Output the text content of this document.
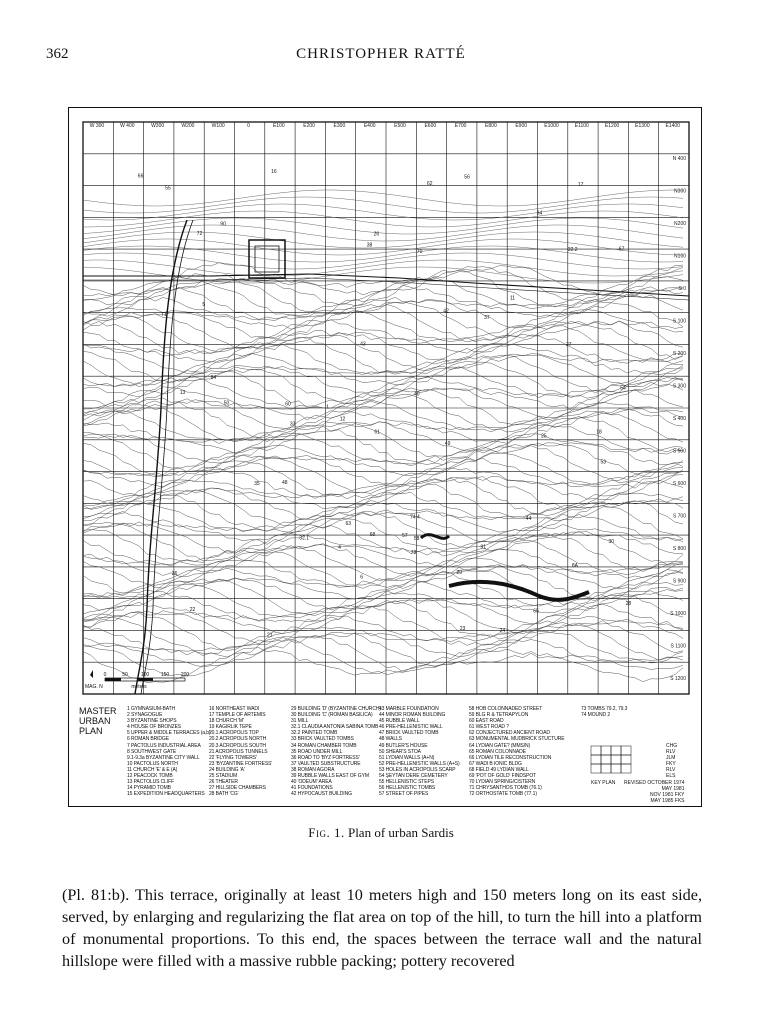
362	CHRISTOPHER RATTÉ
W 300	W 400	W300	W200	W100	0	E100	E200	E300	E400	E500	E600	E700	E800	E900	E1000	E1100	E1200	E1300	E1400
N 400
N300
N200
N100
S 0
S 100
S 200
S 300
S 400
S 500
S 600
S 700
S 800
S 900
S 1000
S 1100
S 1200
8A
30
74.4
62
91
37
24
28
90
29
64
60
56
57
63
22
38
32.2
32.1
16
67
23
48
55
4
27
26
53
33
73
58
54
42
49
50
66
43
21
71
1
70
13
11
12
6
17
5
68
72
36
61
65
40
25
35
18
34
44
MAG. N
0	50	100 150 200
meters
MASTER
URBAN
PLAN
1 GYMNASIUM-BATH
2 SYNAGOGUE
3 BYZANTINE SHOPS
4 HOUSE OF BRONZES
5 UPPER & MIDDLE TERRACES (a,b)
6 ROMAN BRIDGE
7 PACTOLUS INDUSTRIAL AREA
8 SOUTHWEST GATE
9.1-9.3a BYZANTINE CITY WALL
10 PACTOLUS NORTH
11 CHURCH 'E' & E (A)
12 PEACOCK TOMB
13 PACTOLUS CLIFF
14 PYRAMID TOMB
15 EXPEDITION HEADQUARTERS
16 NORTHEAST WADI
17 TEMPLE OF ARTEMIS
18 CHURCH 'M'
19 KAGIRLIK TEPE
20.1 ACROPOLIS TOP
20.2 ACROPOLIS NORTH
20.3 ACROPOLIS SOUTH
21 ACROPOLIS TUNNELS
22 'FLYING TOWERS'
23 'BYZANTINE FORTRESS'
24 BUILDING 'A'
25 STADIUM
26 THEATER
27 HILLSIDE CHAMBERS
28 BATH 'CG'
29 BUILDING 'D' (BYZANTINE CHURCH)
30 BUILDING 'C' (ROMAN BASILICA)
31 MILL
32.1 CLAUDIA ANTONIA SABINA TOMB
32.2 PAINTED TOMB
33 BRICK VAULTED TOMBS
34 ROMAN CHAMBER TOMB
35 ROAD UNDER MILL
36 ROAD TO 'BYZ FORTRESS'
37 VAULTED SUBSTRUCTURE
38 ROMAN AGORA
39 RUBBLE WALLS EAST OF GYM
40 'ODEUM' AREA
41 FOUNDATIONS
42 HYPOCAUST BUILDING
43 MARBLE FOUNDATION
44 MINOR ROMAN BUILDING
45 RUBBLE WALL
46 PRE-HELLENISTIC WALL
47 BRICK VAULTED TOMB
48 WALLS
49 BUTLER'S HOUSE
50 SHEAR'S STOA
51 LYDIAN WALLS (A+N)
52 PRE-HELLENISTIC WALLS (A+S)
53 HOLES IN ACROPOLIS SCARP
54 ŞEYTAN DERE CEMETERY
55 HELLENISTIC STEPS
56 HELLENISTIC TOMBS
57 STREET OF PIPES
58 HOB COLONNADED STREET
59 BLG R & TETRAPYLON
60 EAST ROAD
61 WEST ROAD ?
62 CONJECTURED ANCIENT ROAD
63 MONUMENTAL MUDBRICK STUCTURE
64 LYDIAN GATE? (MMS/N)
65 ROMAN COLONNADE
66 LYDIAN TILE RECONSTRUCTION
67 WADI B IONIC BLDG
68 FIELD 49 LYDIAN WALL
69 'POT OF GOLD' FINDSPOT
70 LYDIAN SPRING/CISTERN
71 CHRYSANTHOS TOMB (76.1)
72 ORTHOSTATE TOMB (77.1)
73 TOMBS 79.2, 79.3
74 MOUND 2
CHG
RLV
JLM
FKY
RLV
ELS
REVISED OCTOBER 1974
MAY 1981
NOV 1981 FKY
MAY 1985 FKS
KEY PLAN
Fig. 1. Plan of urban Sardis

(Pl. 81:b). This terrace, originally at least 10 meters high and 150 meters long on its east side, served, by enlarging and regularizing the flat area on top of the hill, to turn the hill into a platform of monumental proportions. To this end, the spaces between the terrace wall and the natural hillslope were filled with a massive rubble packing; pottery recovered
